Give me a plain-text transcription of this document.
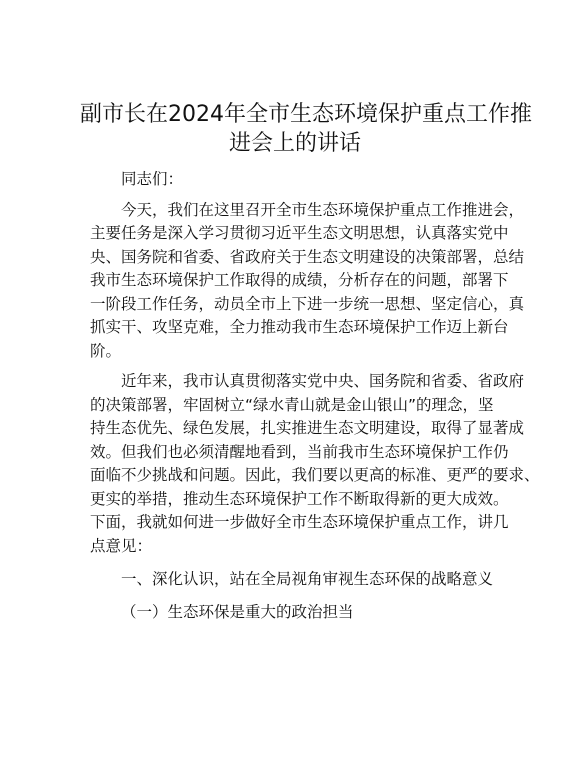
副市长在2024年全市生态环境保护重点工作推
进会上的讲话

同志们：

今天，我们在这里召开全市生态环境保护重点工作推进会，
主要任务是深入学习贯彻习近平生态文明思想，认真落实党中
央、国务院和省委、省政府关于生态文明建设的决策部署，总结
我市生态环境保护工作取得的成绩，分析存在的问题，部署下
一阶段工作任务，动员全市上下进一步统一思想、坚定信心，真
抓实干、攻坚克难，全力推动我市生态环境保护工作迈上新台
阶。

近年来，我市认真贯彻落实党中央、国务院和省委、省政府
的决策部署，牢固树立“绿水青山就是金山银山”的理念，坚
持生态优先、绿色发展，扎实推进生态文明建设，取得了显著成
效。但我们也必须清醒地看到，当前我市生态环境保护工作仍
面临不少挑战和问题。因此，我们要以更高的标准、更严的要求、
更实的举措，推动生态环境保护工作不断取得新的更大成效。
下面，我就如何进一步做好全市生态环境保护重点工作，讲几
点意见：

一、深化认识，站在全局视角审视生态环保的战略意义

（一）生态环保是重大的政治担当
